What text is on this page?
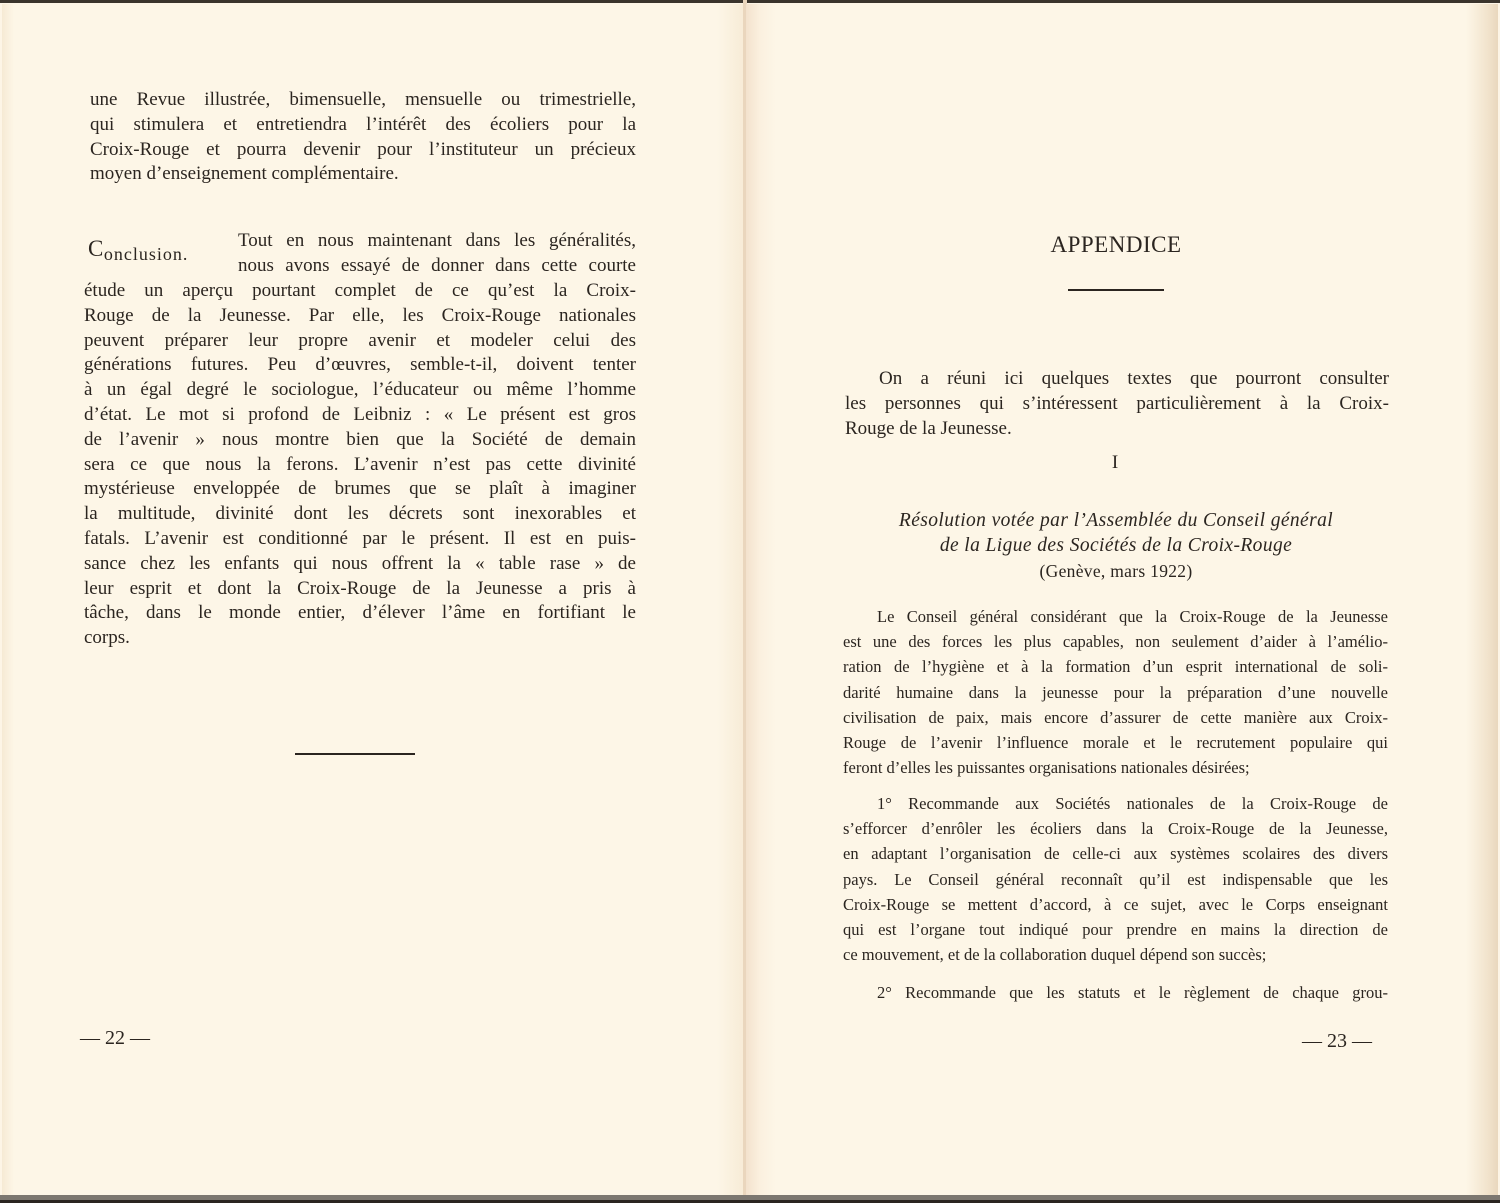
une Revue illustrée, bimensuelle, mensuelle ou trimestrielle,

qui stimulera et entretiendra l’intérêt des écoliers pour la

Croix-Rouge et pourra devenir pour l’instituteur un précieux

moyen d’enseignement complémentaire.

Conclusion.

Tout en nous maintenant dans les généralités,

nous avons essayé de donner dans cette courte

étude un aperçu pourtant complet de ce qu’est la Croix-

Rouge de la Jeunesse. Par elle, les Croix-Rouge nationales

peuvent préparer leur propre avenir et modeler celui des

générations futures. Peu d’œuvres, semble-t-il, doivent tenter

à un égal degré le sociologue, l’éducateur ou même l’homme

d’état. Le mot si profond de Leibniz : « Le présent est gros

de l’avenir » nous montre bien que la Société de demain

sera ce que nous la ferons. L’avenir n’est pas cette divinité

mystérieuse enveloppée de brumes que se plaît à imaginer

la multitude, divinité dont les décrets sont inexorables et

fatals. L’avenir est conditionné par le présent. Il est en puis-

sance chez les enfants qui nous offrent la « table rase » de

leur esprit et dont la Croix-Rouge de la Jeunesse a pris à

tâche, dans le monde entier, d’élever l’âme en fortifiant le

corps.

— 22 —
APPENDICE

On a réuni ici quelques textes que pourront consulter

les personnes qui s’intéressent particulièrement à la Croix-

Rouge de la Jeunesse.

I
Résolution votée par l’Assemblée du Conseil général
de la Ligue des Sociétés de la Croix-Rouge
(Genève, mars 1922)

Le Conseil général considérant que la Croix-Rouge de la Jeunesse

est une des forces les plus capables, non seulement d’aider à l’amélio-

ration de l’hygiène et à la formation d’un esprit international de soli-

darité humaine dans la jeunesse pour la préparation d’une nouvelle

civilisation de paix, mais encore d’assurer de cette manière aux Croix-

Rouge de l’avenir l’influence morale et le recrutement populaire qui

feront d’elles les puissantes organisations nationales désirées;

1° Recommande aux Sociétés nationales de la Croix-Rouge de

s’efforcer d’enrôler les écoliers dans la Croix-Rouge de la Jeunesse,

en adaptant l’organisation de celle-ci aux systèmes scolaires des divers

pays. Le Conseil général reconnaît qu’il est indispensable que les

Croix-Rouge se mettent d’accord, à ce sujet, avec le Corps enseignant

qui est l’organe tout indiqué pour prendre en mains la direction de

ce mouvement, et de la collaboration duquel dépend son succès;

2° Recommande que les statuts et le règlement de chaque grou-

— 23 —
